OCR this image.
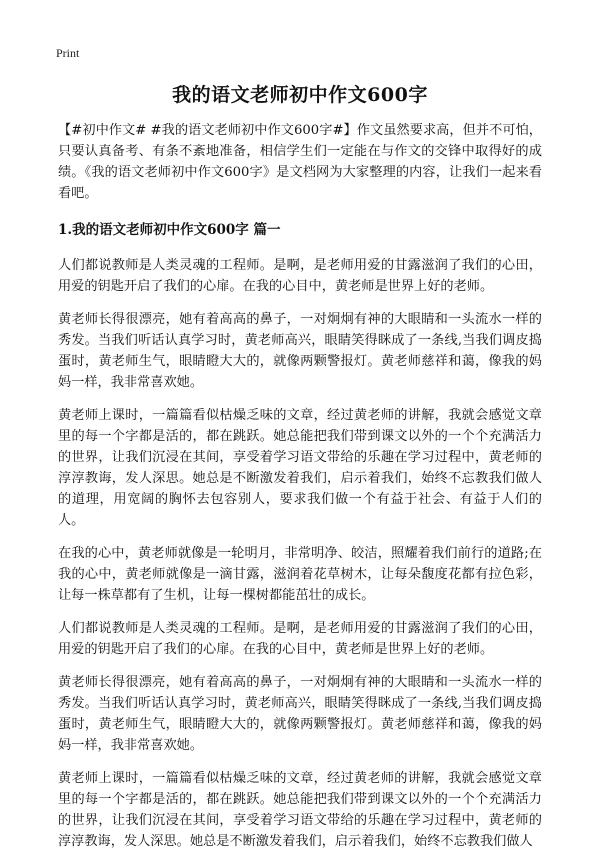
Print
我的语文老师初中作文600字

【#初中作文# #我的语文老师初中作文600字#】作文虽然要求高，但并不可怕，只要认真备考、有条不紊地准备，相信学生们一定能在与作文的交锋中取得好的成绩。《我的语文老师初中作文600字》是文档网为大家整理的内容，让我们一起来看看吧。

1.我的语文老师初中作文600字 篇一

人们都说教师是人类灵魂的工程师。是啊，是老师用爱的甘露滋润了我们的心田，用爱的钥匙开启了我们的心扉。在我的心目中，黄老师是世界上好的老师。

黄老师长得很漂亮，她有着高高的鼻子，一对炯炯有神的大眼睛和一头流水一样的秀发。当我们听话认真学习时，黄老师高兴，眼睛笑得眯成了一条线,当我们调皮捣蛋时，黄老师生气，眼睛瞪大大的，就像两颗警报灯。黄老师慈祥和蔼，像我的妈妈一样，我非常喜欢她。

黄老师上课时，一篇篇看似枯燥乏味的文章，经过黄老师的讲解，我就会感觉文章里的每一个字都是活的，都在跳跃。她总能把我们带到课文以外的一个个充满活力的世界，让我们沉浸在其间，享受着学习语文带给的乐趣在学习过程中，黄老师的淳淳教诲，发人深思。她总是不断激发着我们，启示着我们，始终不忘教我们做人的道理，用宽阔的胸怀去包容别人，要求我们做一个有益于社会、有益于人们的人。

在我的心中，黄老师就像是一轮明月，非常明净、皎洁，照耀着我们前行的道路;在我的心中，黄老师就像是一滴甘露，滋润着花草树木，让每朵馥度花都有拉色彩，让每一株草都有了生机，让每一棵树都能茁壮的成长。

人们都说教师是人类灵魂的工程师。是啊，是老师用爱的甘露滋润了我们的心田，用爱的钥匙开启了我们的心扉。在我的心目中，黄老师是世界上好的老师。

黄老师长得很漂亮，她有着高高的鼻子，一对炯炯有神的大眼睛和一头流水一样的秀发。当我们听话认真学习时，黄老师高兴，眼睛笑得眯成了一条线,当我们调皮捣蛋时，黄老师生气，眼睛瞪大大的，就像两颗警报灯。黄老师慈祥和蔼，像我的妈妈一样，我非常喜欢她。

黄老师上课时，一篇篇看似枯燥乏味的文章，经过黄老师的讲解，我就会感觉文章里的每一个字都是活的，都在跳跃。她总能把我们带到课文以外的一个个充满活力的世界，让我们沉浸在其间，享受着学习语文带给的乐趣在学习过程中，黄老师的淳淳教诲，发人深思。她总是不断激发着我们，启示着我们，始终不忘教我们做人
